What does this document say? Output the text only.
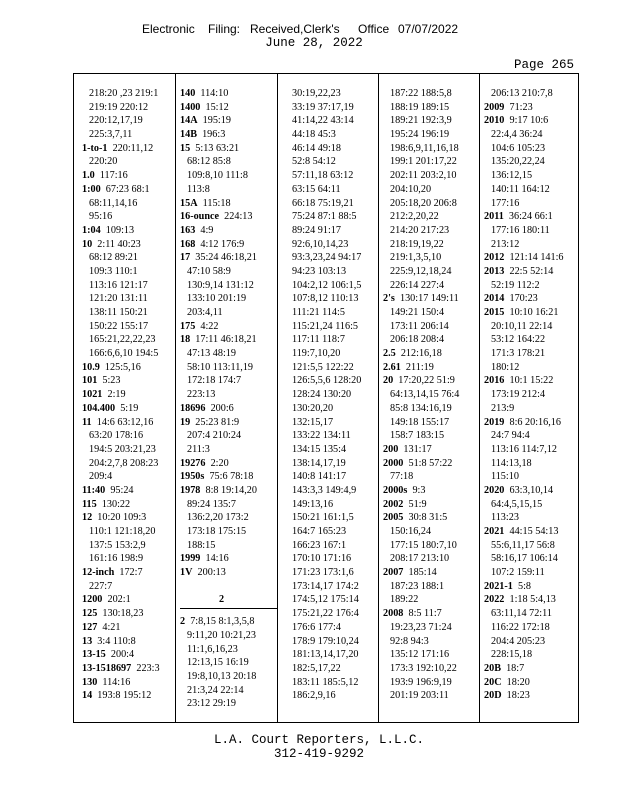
Electronic Filing: Received,Clerk's Office 07/07/2022
June 28, 2022
Page 265
218:20 ,23 219:1
219:19 220:12
220:12,17,19
225:3,7,11
1-to-1 220:11,12
220:20
1.0 117:16
1:00 67:23 68:1
68:11,14,16
95:16
1:04 109:13
10 2:11 40:23
68:12 89:21
109:3 110:1
113:16 121:17
121:20 131:11
138:11 150:21
150:22 155:17
165:21,22,22,23
166:6,6,10 194:5
10.9 125:5,16
101 5:23
1021 2:19
104.400 5:19
11 14:6 63:12,16
63:20 178:16
194:5 203:21,23
204:2,7,8 208:23
209:4
11:40 95:24
115 130:22
12 10:20 109:3
110:1 121:18,20
137:5 153:2,9
161:16 198:9
12-inch 172:7
227:7
1200 202:1
125 130:18,23
127 4:21
13 3:4 110:8
13-15 200:4
13-1518697 223:3
130 114:16
14 193:8 195:12
140 114:10
1400 15:12
14A 195:19
14B 196:3
15 5:13 63:21
68:12 85:8
109:8,10 111:8
113:8
15A 115:18
16-ounce 224:13
163 4:9
168 4:12 176:9
17 35:24 46:18,21
47:10 58:9
130:9,14 131:12
133:10 201:19
203:4,11
175 4:22
18 17:11 46:18,21
47:13 48:19
58:10 113:11,19
172:18 174:7
223:13
18696 200:6
19 25:23 81:9
207:4 210:24
211:3
19276 2:20
1950s 75:6 78:18
1978 8:8 19:14,20
89:24 135:7
136:2,20 173:2
173:18 175:15
188:15
1999 14:16
1V 200:13
2
2 7:8,15 8:1,3,5,8
9:11,20 10:21,23
11:1,6,16,23
12:13,15 16:19
19:8,10,13 20:18
21:3,24 22:14
23:12 29:19
30:19,22,23
33:19 37:17,19
41:14,22 43:14
44:18 45:3
46:14 49:18
52:8 54:12
57:11,18 63:12
63:15 64:11
66:18 75:19,21
75:24 87:1 88:5
89:24 91:17
92:6,10,14,23
93:3,23,24 94:17
94:23 103:13
104:2,12 106:1,5
107:8,12 110:13
111:21 114:5
115:21,24 116:5
117:11 118:7
119:7,10,20
121:5,5 122:22
126:5,5,6 128:20
128:24 130:20
130:20,20
132:15,17
133:22 134:11
134:15 135:4
138:14,17,19
140:8 141:17
143:3,3 149:4,9
149:13,16
150:21 161:1,5
164:7 165:23
166:23 167:1
170:10 171:16
171:23 173:1,6
173:14,17 174:2
174:5,12 175:14
175:21,22 176:4
176:6 177:4
178:9 179:10,24
181:13,14,17,20
182:5,17,22
183:11 185:5,12
186:2,9,16
187:22 188:5,8
188:19 189:15
189:21 192:3,9
195:24 196:19
198:6,9,11,16,18
199:1 201:17,22
202:11 203:2,10
204:10,20
205:18,20 206:8
212:2,20,22
214:20 217:23
218:19,19,22
219:1,3,5,10
225:9,12,18,24
226:14 227:4
2's 130:17 149:11
149:21 150:4
173:11 206:14
206:18 208:4
2.5 212:16,18
2.61 211:19
20 17:20,22 51:9
64:13,14,15 76:4
85:8 134:16,19
149:18 155:17
158:7 183:15
200 131:17
2000 51:8 57:22
77:18
2000s 9:3
2002 51:9
2005 30:8 31:5
150:16,24
177:15 180:7,10
208:17 213:10
2007 185:14
187:23 188:1
189:22
2008 8:5 11:7
19:23,23 71:24
92:8 94:3
135:12 171:16
173:3 192:10,22
193:9 196:9,19
201:19 203:11
206:13 210:7,8
2009 71:23
2010 9:17 10:6
22:4,4 36:24
104:6 105:23
135:20,22,24
136:12,15
140:11 164:12
177:16
2011 36:24 66:1
177:16 180:11
213:12
2012 121:14 141:6
2013 22:5 52:14
52:19 112:2
2014 170:23
2015 10:10 16:21
20:10,11 22:14
53:12 164:22
171:3 178:21
180:12
2016 10:1 15:22
173:19 212:4
213:9
2019 8:6 20:16,16
24:7 94:4
113:16 114:7,12
114:13,18
115:10
2020 63:3,10,14
64:4,5,15,15
113:23
2021 44:15 54:13
55:6,11,17 56:8
58:16,17 106:14
107:2 159:11
2021-1 5:8
2022 1:18 5:4,13
63:11,14 72:11
116:22 172:18
204:4 205:23
228:15,18
20B 18:7
20C 18:20
20D 18:23
L.A. Court Reporters, L.L.C.
312-419-9292
